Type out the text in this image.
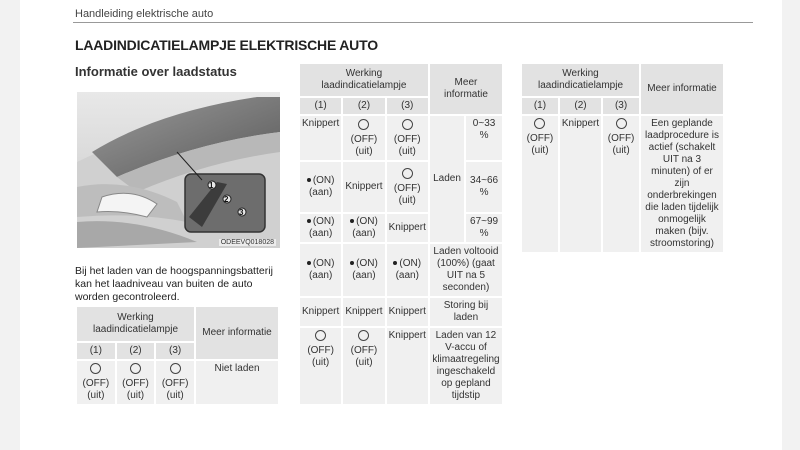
Handleiding elektrische auto
LAADINDICATIELAMPJE ELEKTRISCHE AUTO
Informatie over laadstatus
1
2
3
ODEEVQ018028
Bij het laden van de hoogspanningsbatterij kan het laadniveau van buiten de auto worden gecontroleerd.
Werking laadindicatielampje			Meer informatie
(1)	(2)	(3)	

(OFF) (uit)	(OFF) (uit)	(OFF) (uit)	Niet laden
Werking laadindicatielampje			Meer informatie	
(1)	(2)	(3)		
Knippert	(OFF) (uit)	(OFF) (uit)	Laden	0~33 %
(ON) (aan)	Knippert	(OFF) (uit)		34~66 %
(ON) (aan)	(ON) (aan)	Knippert		67~99 %
(ON) (aan)	(ON) (aan)	(ON) (aan)	Laden voltooid (100%) (gaat UIT na 5 seconden)	
Knippert	Knippert	Knippert	Storing bij laden	

(OFF) (uit)	(OFF) (uit)	Knippert	Laden van 12 V-accu of klimaatregeling ingeschakeld op gepland tijdstip	
Werking laadindicatielampje			Meer informatie
(1)	(2)	(3)	

(OFF) (uit)	Knippert	(OFF) (uit)	Een geplande laadprocedure is actief (schakelt UIT na 3 minuten) of er zijn onderbrekingen die laden tijdelijk onmogelijk maken (bijv. stroomstoring)
